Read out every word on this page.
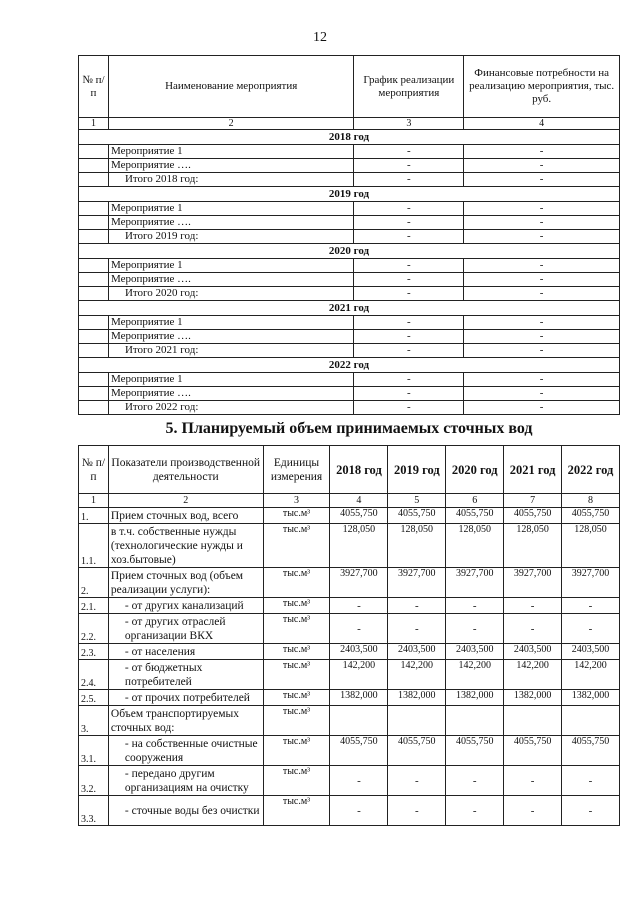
12
№ п/п	Наименование мероприятия	График реализации мероприятия	Финансовые потребности на реализацию мероприятия, тыс. руб.
1	2	3	4
2018 год			
	Мероприятие 1	-	-
	Мероприятие ….	-	-
	Итого 2018 год:	-	-
2019 год			
	Мероприятие 1	-	-
	Мероприятие ….	-	-
	Итого 2019 год:	-	-
2020 год			
	Мероприятие 1	-	-
	Мероприятие ….	-	-
	Итого 2020 год:	-	-
2021 год			
	Мероприятие 1	-	-
	Мероприятие ….	-	-
	Итого 2021 год:	-	-
2022 год			
	Мероприятие 1	-	-
	Мероприятие ….	-	-
	Итого 2022 год:	-	-
5. Планируемый объем принимаемых сточных вод
№ п/п	Показатели производственной деятельности	Единицы измерения	2018 год	2019 год	2020 год	2021 год	2022 год
1	2	3	4	5	6	7	8
1.	Прием сточных вод, всего	тыс.м³	4055,750	4055,750	4055,750	4055,750	4055,750
1.1.	в т.ч. собственные нужды (технологические нужды и хоз.бытовые)	тыс.м³	128,050	128,050	128,050	128,050	128,050
2.	Прием сточных вод (объем реализации услуги):	тыс.м³	3927,700	3927,700	3927,700	3927,700	3927,700
2.1.	- от других канализаций	тыс.м³	-	-	-	-	-
2.2.	- от других отраслей организации ВКХ	тыс.м³	-	-	-	-	-
2.3.	- от населения	тыс.м³	2403,500	2403,500	2403,500	2403,500	2403,500
2.4.	- от бюджетных потребителей	тыс.м³	142,200	142,200	142,200	142,200	142,200
2.5.	- от прочих потребителей	тыс.м³	1382,000	1382,000	1382,000	1382,000	1382,000
3.	Объем транспортируемых сточных вод:	тыс.м³					
3.1.	- на собственные очистные сооружения	тыс.м³	4055,750	4055,750	4055,750	4055,750	4055,750
3.2.	- передано другим организациям на очистку	тыс.м³	-	-	-	-	-
3.3.	- сточные воды без очистки	тыс.м³	-	-	-	-	-
